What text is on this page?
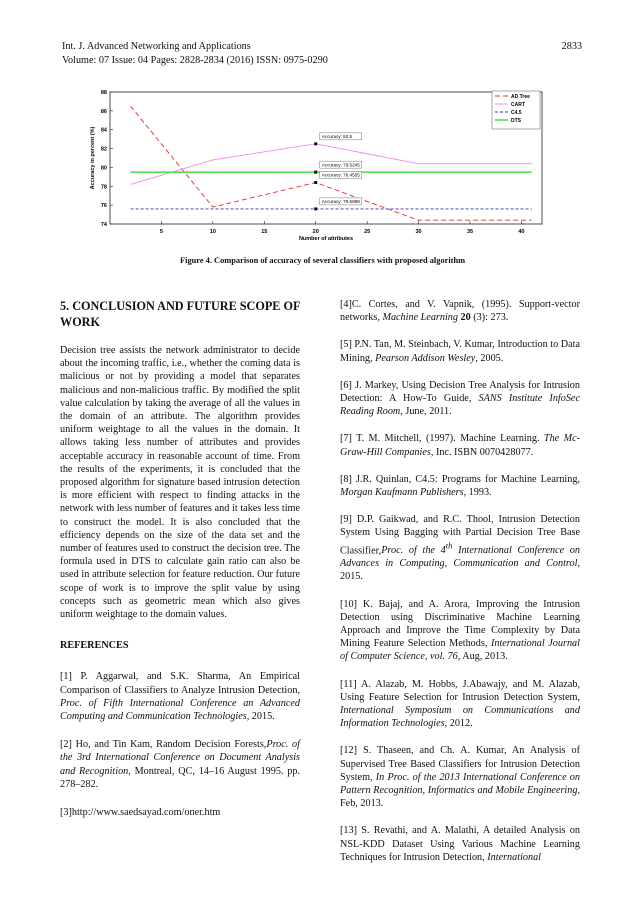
Int. J. Advanced Networking and Applications
Volume: 07 Issue: 04 Pages: 2828-2834 (2016) ISSN: 0975-0290
2833
5	10	15	20	25	30	35	40
74
76
78
80
82
84
86
88
Number of attributes
Accuracy in percent (%)	Accuracy: 82.5
Accuracy: 79.5245
Accuracy: 78.4555
Accuracy: 75.5988
AD Tree
CART
C4.5
DTS
Figure 4. Comparison of accuracy of several classifiers with proposed algorithm
5. CONCLUSION AND FUTURE SCOPE OF WORK

Decision tree assists the network administrator to decide about the incoming traffic, i.e., whether the coming data is malicious or not by providing a model that separates malicious and non-malicious traffic. By modified the split value calculation by taking the average of all the values in the domain of an attribute. The algorithm provides uniform weightage to all the values in the domain. It allows taking less number of attributes and provides acceptable accuracy in reasonable account of time. From the results of the experiments, it is concluded that the proposed algorithm for signature based intrusion detection is more efficient with respect to finding attacks in the network with less number of features and it takes less time to construct the model. It is also concluded that the efficiency depends on the size of the data set and the number of features used to construct the decision tree. The formula used in DTS to calculate gain ratio can also be used in attribute selection for feature reduction. Our future scope of work is to improve the split value by using concepts such as geometric mean which also gives uniform weightage to the domain values.

REFERENCES

[1] P. Aggarwal, and S.K. Sharma, An Empirical Comparison of Classifiers to Analyze Intrusion Detection, Proc. of Fifth International Conference an Advanced Computing and Communication Technologies, 2015.

[2] Ho, and Tin Kam, Random Decision Forests,Proc. of the 3rd International Conference on Document Analysis and Recognition, Montreal, QC, 14–16 August 1995. pp. 278–282.

[3]http://www.saedsayad.com/oner.htm

[4]C. Cortes, and V. Vapnik, (1995). Support-vector networks, Machine Learning 20 (3): 273.

[5] P.N. Tan, M. Steinbach, V. Kumar, Introduction to Data Mining, Pearson Addison Wesley, 2005.

[6] J. Markey, Using Decision Tree Analysis for Intrusion Detection: A How-To Guide, SANS Institute InfoSec Reading Room, June, 2011.

[7] T. M. Mitchell, (1997). Machine Learning. The Mc-Graw-Hill Companies, Inc. ISBN 0070428077.

[8] J.R. Quinlan, C4.5: Programs for Machine Learning, Morgan Kaufmann Publishers, 1993.

[9] D.P. Gaikwad, and R.C. Thool, Intrusion Detection System Using Bagging with Partial Decision Tree Base Classifier,Proc. of the 4th International Conference on Advances in Computing, Communication and Control, 2015.

[10] K. Bajaj, and A. Arora, Improving the Intrusion Detection using Discriminative Machine Learning Approach and Improve the Time Complexity by Data Mining Feature Selection Methods, International Journal of Computer Science, vol. 76, Aug, 2013.

[11] A. Alazab, M. Hobbs, J.Abawajy, and M. Alazab, Using Feature Selection for Intrusion Detection System, International Symposium on Communications and Information Technologies, 2012.

[12] S. Thaseen, and Ch. A. Kumar, An Analysis of Supervised Tree Based Classifiers for Intrusion Detection System, In Proc. of the 2013 International Conference on Pattern Recognition, Informatics and Mobile Engineering, Feb, 2013.

[13] S. Revathi, and A. Malathi, A detailed Analysis on NSL-KDD Dataset Using Various Machine Learning Techniques for Intrusion Detection, International
